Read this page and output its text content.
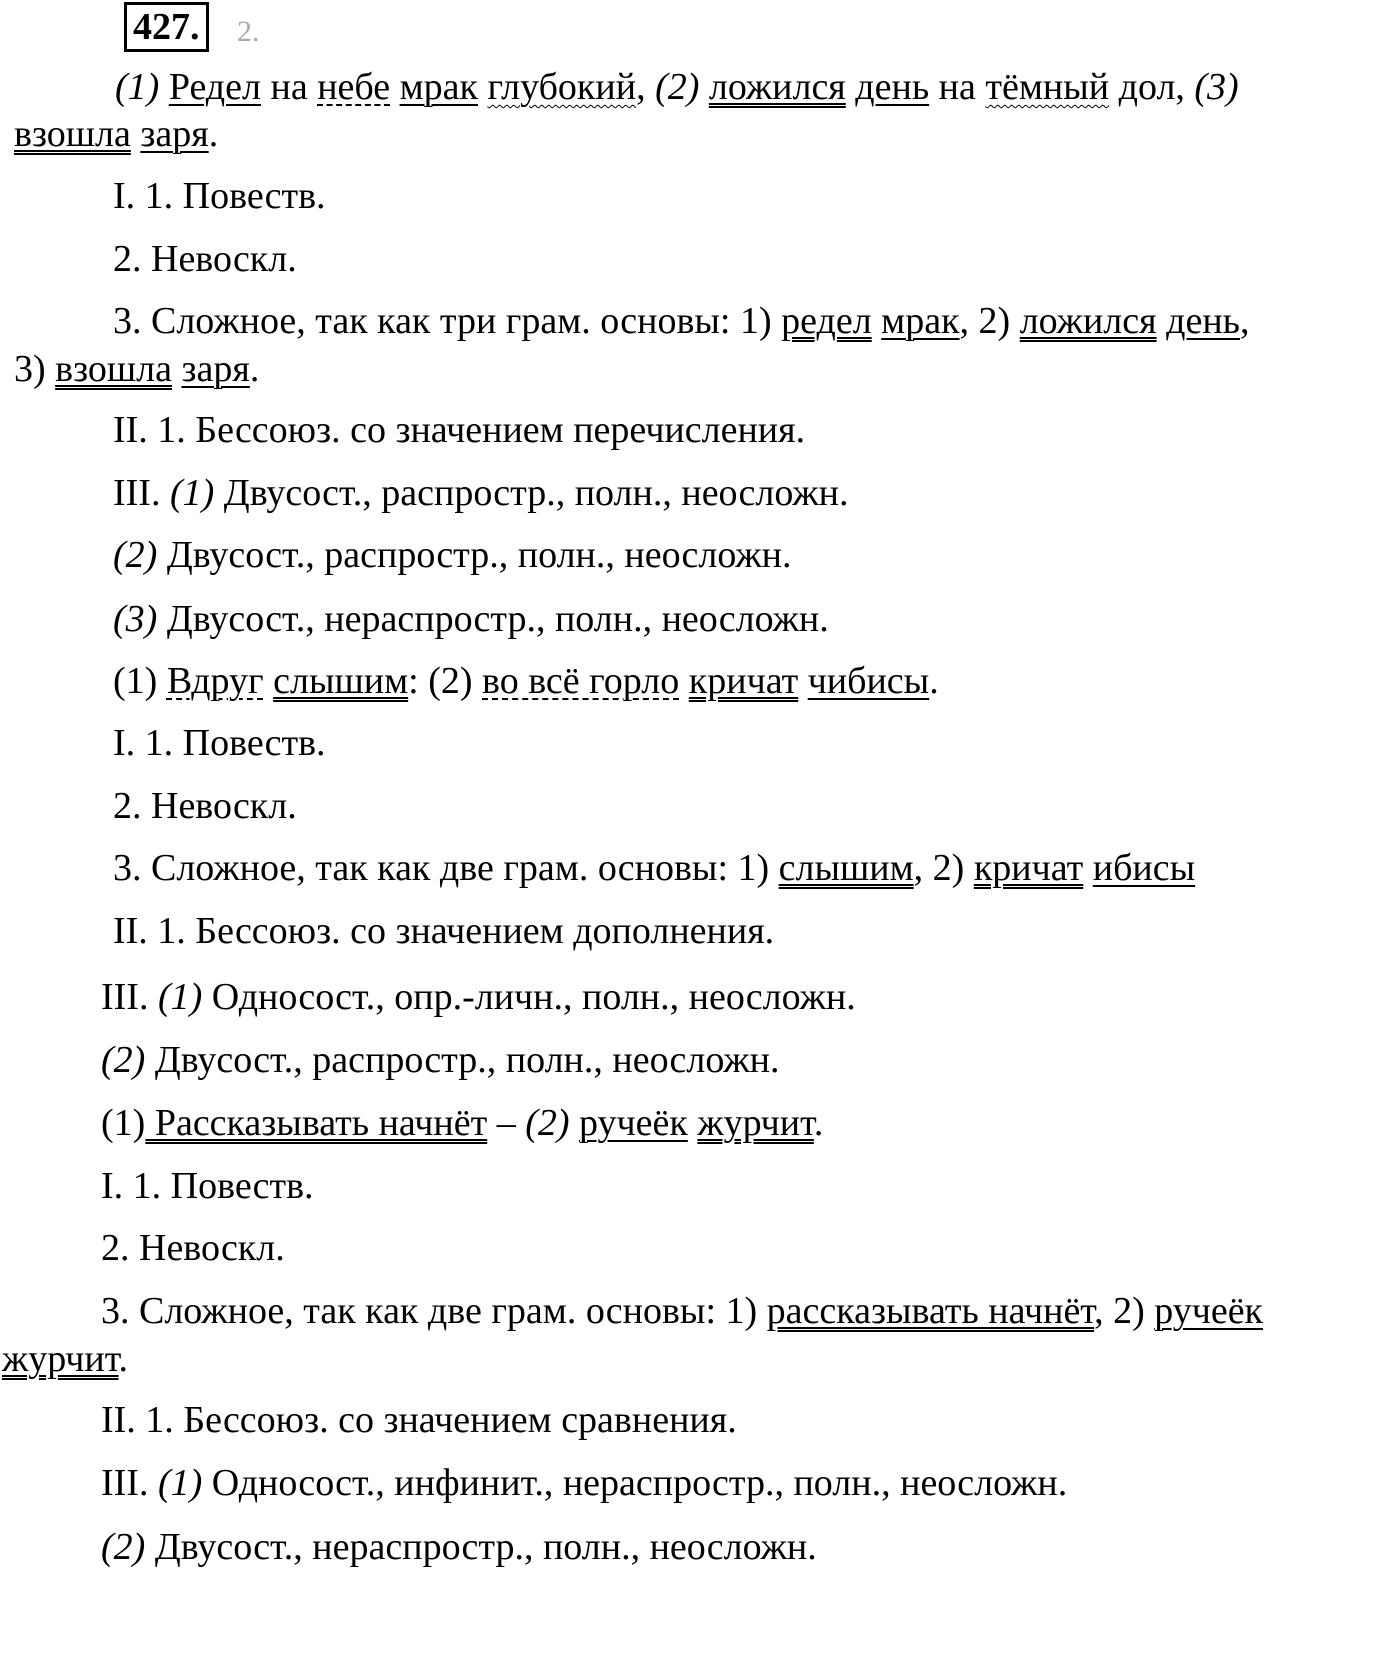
427.	2.
(1) Редел на небе мрак глубокий, (2) ложился день на тёмный дол, (3)
взошла заря.
I. 1. Повеств.
2. Невоскл.
3. Сложное, так как три грам. основы: 1) редел мрак, 2) ложился день,
3) взошла заря.
II. 1. Бессоюз. со значением перечисления.
III. (1) Двусост., распростр., полн., неосложн.
(2) Двусост., распростр., полн., неосложн.
(3) Двусост., нераспростр., полн., неосложн.
(1) Вдруг слышим: (2) во всё горло кричат чибисы.
I. 1. Повеств.
2. Невоскл.
3. Сложное, так как две грам. основы: 1) слышим, 2) кричат ибисы
II. 1. Бессоюз. со значением дополнения.
III. (1) Односост., опр.-личн., полн., неосложн.
(2) Двусост., распростр., полн., неосложн.
(1) Рассказывать начнёт – (2) ручеёк журчит.
I. 1. Повеств.
2. Невоскл.
3. Сложное, так как две грам. основы: 1) рассказывать начнёт, 2) ручеёк
журчит.
II. 1. Бессоюз. со значением сравнения.
III. (1) Односост., инфинит., нераспростр., полн., неосложн.
(2) Двусост., нераспростр., полн., неосложн.
